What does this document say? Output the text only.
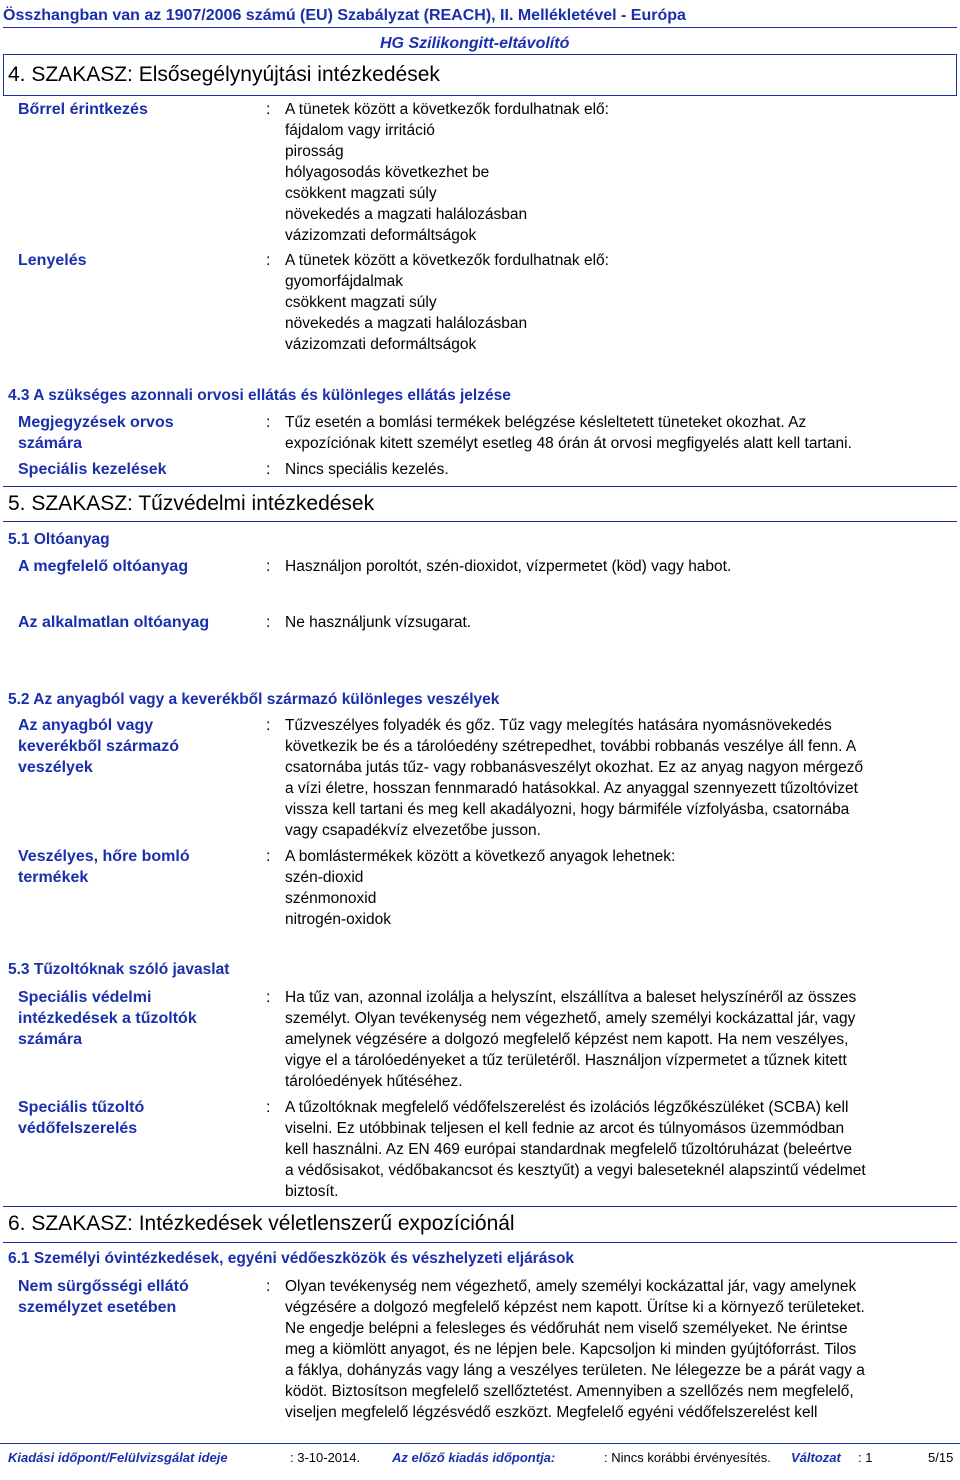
Összhangban van az 1907/2006 számú (EU) Szabályzat (REACH), II. Mellékletével - Európa
HG Szilikongitt-eltávolító
4. SZAKASZ: Elsősegélynyújtási intézkedések
Bőrrel érintkezés	: A tünetek között a következők fordulhatnak elő:
fájdalom vagy irritáció
pirosság
hólyagosodás következhet be
csökkent magzati súly
növekedés a magzati halálozásban
vázizomzati deformáltságok
Lenyelés	: A tünetek között a következők fordulhatnak elő:
gyomorfájdalmak
csökkent magzati súly
növekedés a magzati halálozásban
vázizomzati deformáltságok
4.3 A szükséges azonnali orvosi ellátás és különleges ellátás jelzése
Megjegyzések orvos
számára
: Tűz esetén a bomlási termékek belégzése késleltetett tüneteket okozhat. Az
expozíciónak kitett személyt esetleg 48 órán át orvosi megfigyelés alatt kell tartani.
Speciális kezelések	: Nincs speciális kezelés.
5. SZAKASZ: Tűzvédelmi intézkedések
5.1 Oltóanyag
A megfelelő oltóanyag	: Használjon poroltót, szén-dioxidot, vízpermetet (köd) vagy habot.
Az alkalmatlan oltóanyag	: Ne használjunk vízsugarat.
5.2 Az anyagból vagy a keverékből származó különleges veszélyek
Az anyagból vagy
keverékből származó
veszélyek
: Tűzveszélyes folyadék és gőz. Tűz vagy melegítés hatására nyomásnövekedés
következik be és a tárolóedény szétrepedhet, további robbanás veszélye áll fenn. A
csatornába jutás tűz- vagy robbanásveszélyt okozhat. Ez az anyag nagyon mérgező
a vízi életre, hosszan fennmaradó hatásokkal. Az anyaggal szennyezett tűzoltóvizet
vissza kell tartani és meg kell akadályozni, hogy bármiféle vízfolyásba, csatornába
vagy csapadékvíz elvezetőbe jusson.
Veszélyes, hőre bomló
termékek
: A bomlástermékek között a következő anyagok lehetnek:
szén-dioxid
szénmonoxid
nitrogén-oxidok
5.3 Tűzoltóknak szóló javaslat
Speciális védelmi
intézkedések a tűzoltók
számára
: Ha tűz van, azonnal izolálja a helyszínt, elszállítva a baleset helyszínéről az összes
személyt. Olyan tevékenység nem végezhető, amely személyi kockázattal jár, vagy
amelynek végzésére a dolgozó megfelelő képzést nem kapott. Ha nem veszélyes,
vigye el a tárolóedényeket a tűz területéről. Használjon vízpermetet a tűznek kitett
tárolóedények hűtéséhez.
Speciális tűzoltó
védőfelszerelés
: A tűzoltóknak megfelelő védőfelszerelést és izolációs légzőkészüléket (SCBA) kell
viselni. Ez utóbbinak teljesen el kell fednie az arcot és túlnyomásos üzemmódban
kell használni. Az EN 469 európai standardnak megfelelő tűzoltóruházat (beleértve
a védősisakot, védőbakancsot és kesztyűt) a vegyi baleseteknél alapszintű védelmet
biztosít.
6. SZAKASZ: Intézkedések véletlenszerű expozíciónál
6.1 Személyi óvintézkedések, egyéni védőeszközök és vészhelyzeti eljárások
Nem sürgősségi ellátó
személyzet esetében
: Olyan tevékenység nem végezhető, amely személyi kockázattal jár, vagy amelynek
végzésére a dolgozó megfelelő képzést nem kapott. Ürítse ki a környező területeket.
Ne engedje belépni a felesleges és védőruhát nem viselő személyeket. Ne érintse
meg a kiömlött anyagot, és ne lépjen bele. Kapcsoljon ki minden gyújtóforrást. Tilos
a fáklya, dohányzás vagy láng a veszélyes területen. Ne lélegezze be a párát vagy a
ködöt. Biztosítson megfelelő szellőztetést. Amennyiben a szellőzés nem megfelelő,
viseljen megfelelő légzésvédő eszközt. Megfelelő egyéni védőfelszerelést kell
Kiadási időpont/Felülvizsgálat ideje	: 3-10-2014. Az előző kiadás időpontja:	: Nincs korábbi érvényesítés. Változat : 1	5/15
